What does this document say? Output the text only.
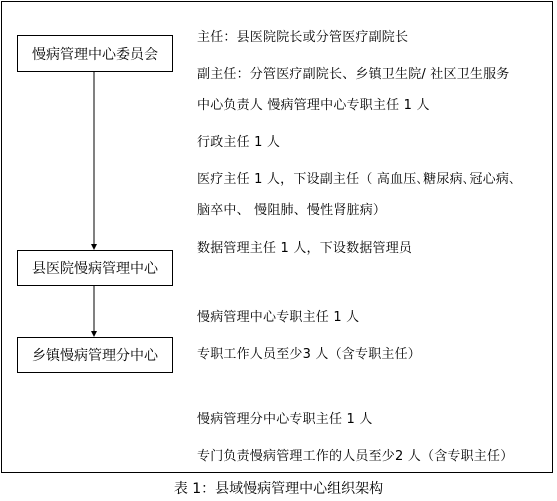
慢病管理中心委员会
县医院慢病管理中心
乡镇慢病管理分中心
主任：县医院院长或分管医疗副院长
副主任：分管医疗副院长、乡镇卫生院/ 社区卫生服务
中心负责人 慢病管理中心专职主任 1 人
行政主任 1 人
医疗主任 1 人，下设副主任（ 高血压､糖尿病､冠心病､
脑卒中、 慢阻肺、慢性肾脏病）
数据管理主任 1 人，下设数据管理员
慢病管理中心专职主任 1 人
专职工作人员至少3 人（含专职主任）
慢病管理分中心专职主任 1 人
专门负责慢病管理工作的人员至少2 人（含专职主任）
表 1：县域慢病管理中心组织架构
